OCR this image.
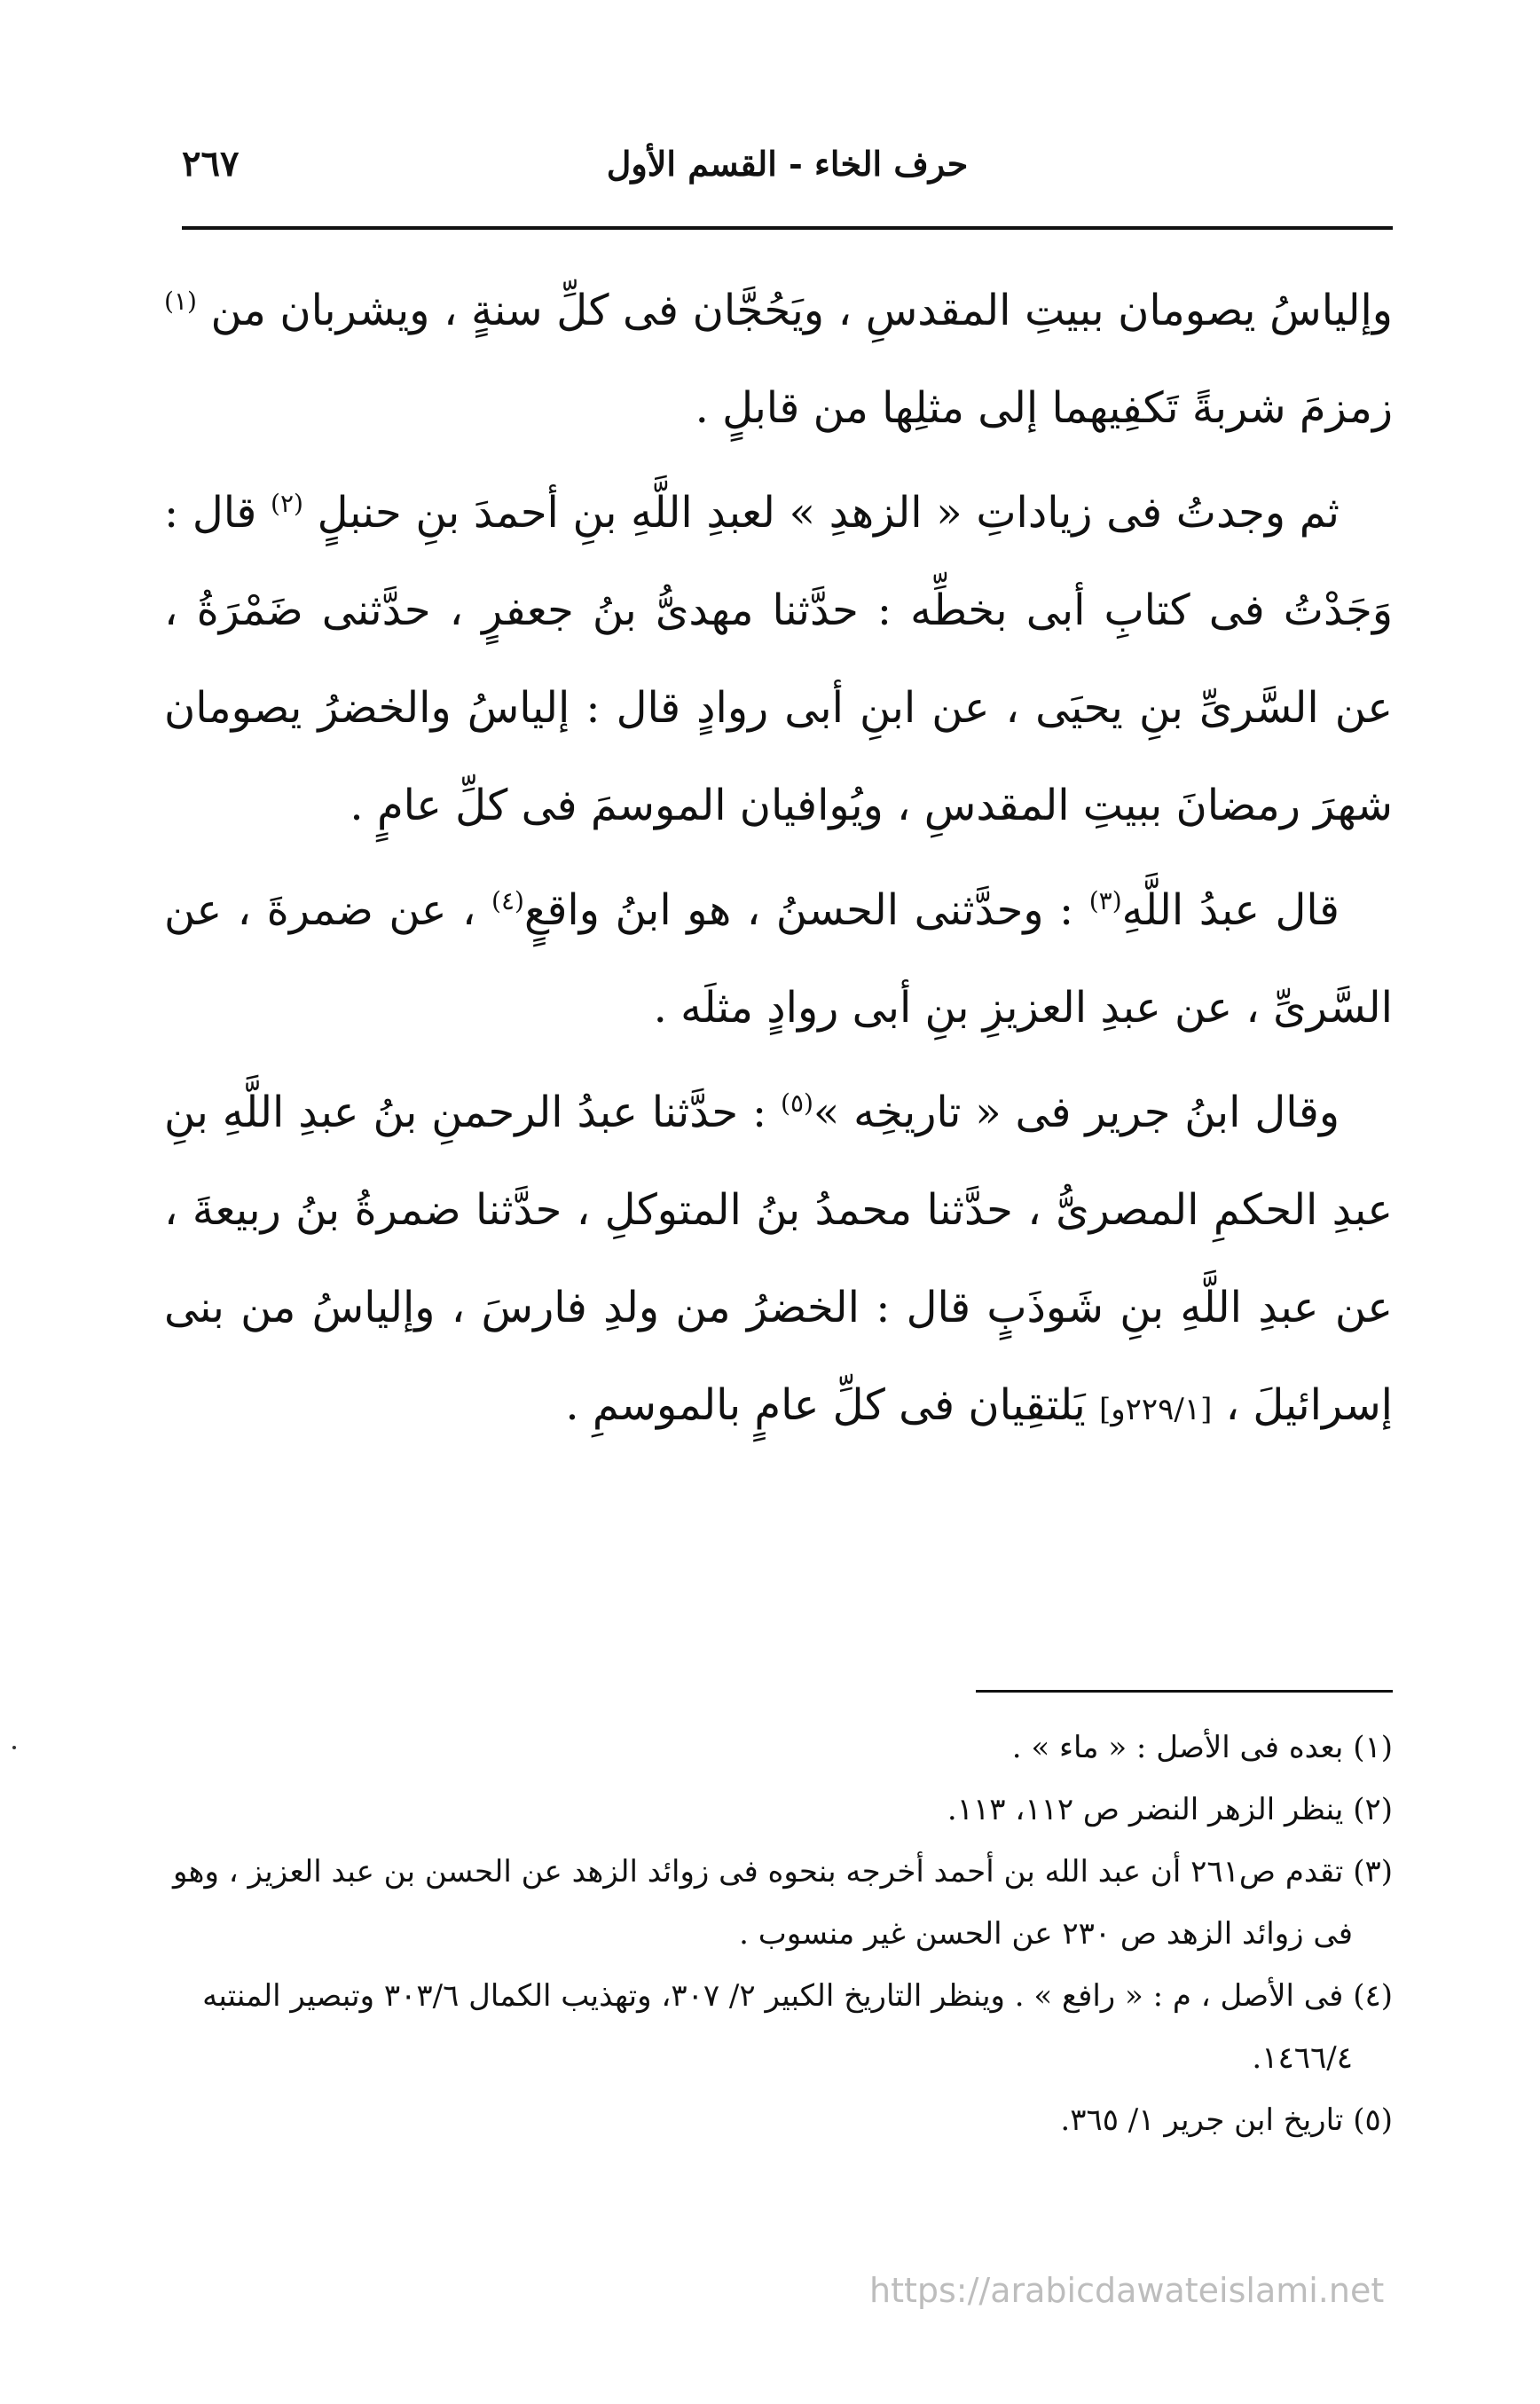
حرف الخاء - القسم الأول
٢٦٧

وإلياسُ يصومان ببيتِ المقدسِ ، ويَحُجَّان فى كلِّ سنةٍ ، ويشربان من $^{(١)}$ زمزمَ شربةً تَكفِيهما إلى مثلِها من قابلٍ .

ثم وجدتُ فى زياداتِ « الزهدِ » لعبدِ اللَّهِ بنِ أحمدَ بنِ حنبلٍ $^{(٢)}$ قال : وَجَدْتُ فى كتابِ أبى بخطِّه : حدَّثنا مهدىُّ بنُ جعفرٍ ، حدَّثنى ضَمْرَةُ ، عن السَّرىِّ بنِ يحيَى ، عن ابنِ أبى روادٍ قال : إلياسُ والخضرُ يصومان شهرَ رمضانَ ببيتِ المقدسِ ، ويُوافيان الموسمَ فى كلِّ عامٍ .

قال عبدُ اللَّهِ$^{(٣)}$ : وحدَّثنى الحسنُ ، هو ابنُ واقعٍ$^{(٤)}$ ، عن ضمرةَ ، عن السَّرىِّ ، عن عبدِ العزيزِ بنِ أبى روادٍ مثلَه .

وقال ابنُ جرير فى « تاريخِه »$^{(٥)}$ : حدَّثنا عبدُ الرحمنِ بنُ عبدِ اللَّهِ بنِ عبدِ الحكمِ المصرىُّ ، حدَّثنا محمدُ بنُ المتوكلِ ، حدَّثنا ضمرةُ بنُ ربيعةَ ، عن عبدِ اللَّهِ بنِ شَوذَبٍ قال : الخضرُ من ولدِ فارسَ ، وإلياسُ من بنى إسرائيلَ ، [٢٢٩/١و] يَلتقِيان فى كلِّ عامٍ بالموسمِ .

(١) بعده فى الأصل : « ماء » .

(٢) ينظر الزهر النضر ص ١١٢، ١١٣.

(٣) تقدم ص٢٦١ أن عبد الله بن أحمد أخرجه بنحوه فى زوائد الزهد عن الحسن بن عبد العزيز ، وهو

فى زوائد الزهد ص ٢٣٠ عن الحسن غير منسوب .

(٤) فى الأصل ، م : « رافع » . وينظر التاريخ الكبير ٢/ ٣٠٧، وتهذيب الكمال ٣٠٣/٦ وتبصير المنتبه

١٤٦٦/٤.

(٥) تاريخ ابن جرير ١/ ٣٦٥.

https://arabicdawateislami.net
